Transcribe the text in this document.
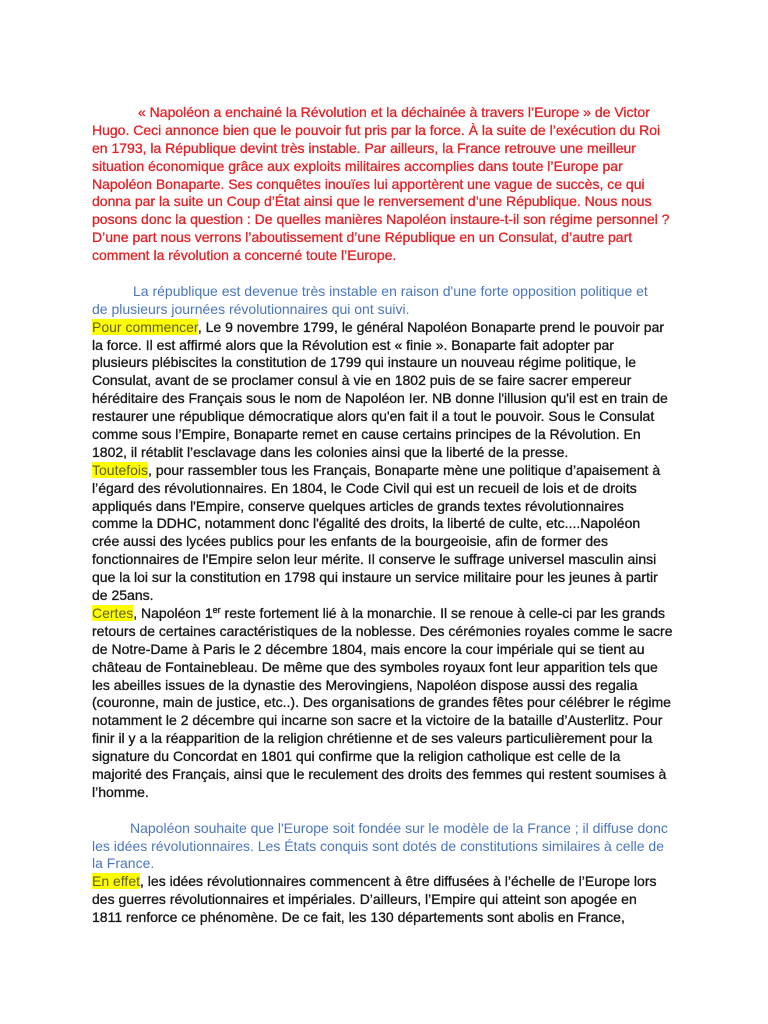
« Napoléon a enchainé la Révolution et la déchainée à travers l’Europe » de Victor
Hugo. Ceci annonce bien que le pouvoir fut pris par la force. À la suite de l’exécution du Roi
en 1793, la République devint très instable. Par ailleurs, la France retrouve une meilleur
situation économique grâce aux exploits militaires accomplies dans toute l’Europe par
Napoléon Bonaparte. Ses conquêtes inouïes lui apportèrent une vague de succès, ce qui
donna par la suite un Coup d’État ainsi que le renversement d’une République. Nous nous
posons donc la question : De quelles manières Napoléon instaure-t-il son régime personnel ?
D’une part nous verrons l’aboutissement d’une République en un Consulat, d’autre part
comment la révolution a concerné toute l’Europe.
La république est devenue très instable en raison d'une forte opposition politique et
de plusieurs journées révolutionnaires qui ont suivi.
Pour commencer, Le 9 novembre 1799, le général Napoléon Bonaparte prend le pouvoir par
la force. Il est affirmé alors que la Révolution est « finie ». Bonaparte fait adopter par
plusieurs plébiscites la constitution de 1799 qui instaure un nouveau régime politique, le
Consulat, avant de se proclamer consul à vie en 1802 puis de se faire sacrer empereur
héréditaire des Français sous le nom de Napoléon Ier. NB donne l'illusion qu'il est en train de
restaurer une république démocratique alors qu'en fait il a tout le pouvoir. Sous le Consulat
comme sous l’Empire, Bonaparte remet en cause certains principes de la Révolution. En
1802, il rétablit l’esclavage dans les colonies ainsi que la liberté de la presse.
Toutefois, pour rassembler tous les Français, Bonaparte mène une politique d’apaisement à
l’égard des révolutionnaires. En 1804, le Code Civil qui est un recueil de lois et de droits
appliqués dans l'Empire, conserve quelques articles de grands textes révolutionnaires
comme la DDHC, notamment donc l'égalité des droits, la liberté de culte, etc....Napoléon
crée aussi des lycées publics pour les enfants de la bourgeoisie, afin de former des
fonctionnaires de l'Empire selon leur mérite. Il conserve le suffrage universel masculin ainsi
que la loi sur la constitution en 1798 qui instaure un service militaire pour les jeunes à partir
de 25ans.
Certes, Napoléon 1er reste fortement lié à la monarchie. Il se renoue à celle-ci par les grands
retours de certaines caractéristiques de la noblesse. Des cérémonies royales comme le sacre
de Notre-Dame à Paris le 2 décembre 1804, mais encore la cour impériale qui se tient au
château de Fontainebleau. De même que des symboles royaux font leur apparition tels que
les abeilles issues de la dynastie des Merovingiens, Napoléon dispose aussi des regalia
(couronne, main de justice, etc..). Des organisations de grandes fêtes pour célébrer le régime
notamment le 2 décembre qui incarne son sacre et la victoire de la bataille d’Austerlitz. Pour
finir il y a la réapparition de la religion chrétienne et de ses valeurs particulièrement pour la
signature du Concordat en 1801 qui confirme que la religion catholique est celle de la
majorité des Français, ainsi que le reculement des droits des femmes qui restent soumises à
l’homme.
Napoléon souhaite que l'Europe soit fondée sur le modèle de la France ; il diffuse donc
les idées révolutionnaires. Les États conquis sont dotés de constitutions similaires à celle de
la France.
En effet, les idées révolutionnaires commencent à être diffusées à l’échelle de l’Europe lors
des guerres révolutionnaires et impériales. D’ailleurs, l’Empire qui atteint son apogée en
1811 renforce ce phénomène. De ce fait, les 130 départements sont abolis en France,
